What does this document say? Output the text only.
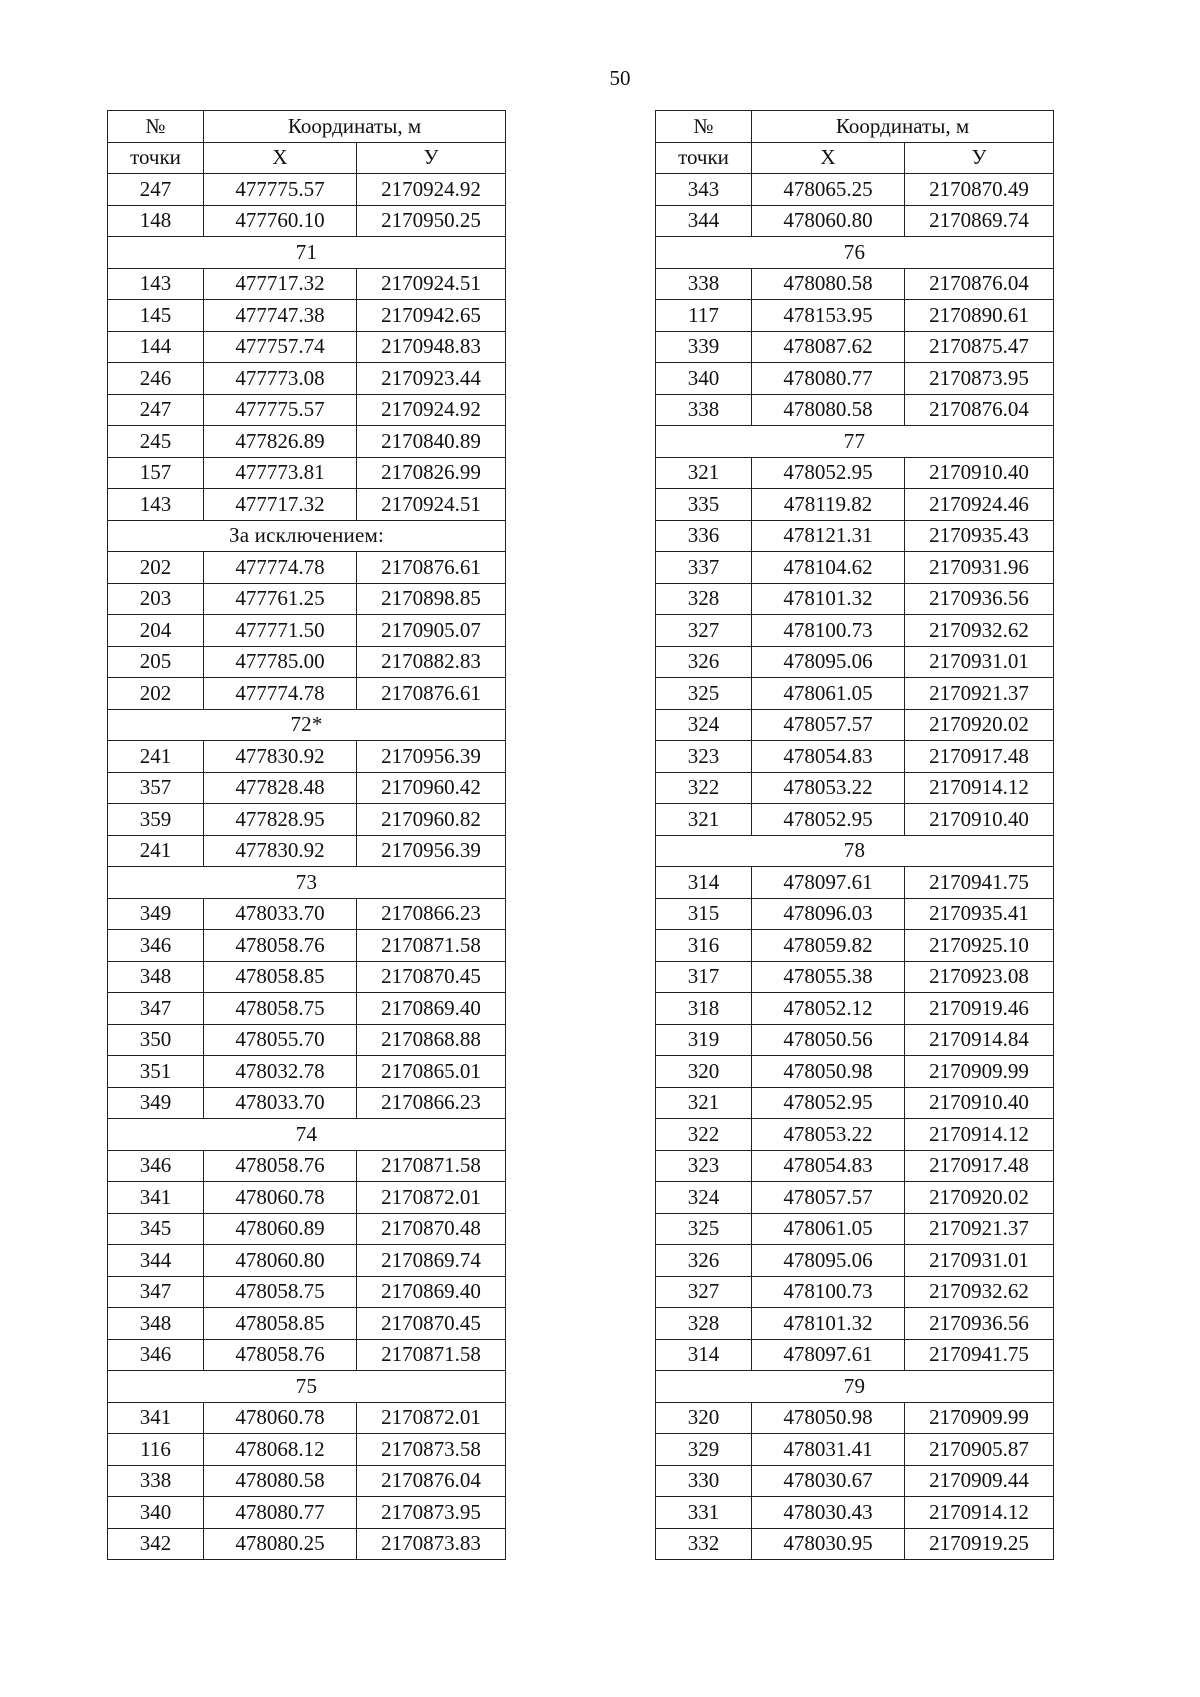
50
№	Координаты, м	
точки	X	У
247	477775.57	2170924.92
148	477760.10	2170950.25
71		
143	477717.32	2170924.51
145	477747.38	2170942.65
144	477757.74	2170948.83
246	477773.08	2170923.44
247	477775.57	2170924.92
245	477826.89	2170840.89
157	477773.81	2170826.99
143	477717.32	2170924.51
За исключением:		
202	477774.78	2170876.61
203	477761.25	2170898.85
204	477771.50	2170905.07
205	477785.00	2170882.83
202	477774.78	2170876.61
72*		
241	477830.92	2170956.39
357	477828.48	2170960.42
359	477828.95	2170960.82
241	477830.92	2170956.39
73		
349	478033.70	2170866.23
346	478058.76	2170871.58
348	478058.85	2170870.45
347	478058.75	2170869.40
350	478055.70	2170868.88
351	478032.78	2170865.01
349	478033.70	2170866.23
74		
346	478058.76	2170871.58
341	478060.78	2170872.01
345	478060.89	2170870.48
344	478060.80	2170869.74
347	478058.75	2170869.40
348	478058.85	2170870.45
346	478058.76	2170871.58
75		
341	478060.78	2170872.01
116	478068.12	2170873.58
338	478080.58	2170876.04
340	478080.77	2170873.95
342	478080.25	2170873.83
№	Координаты, м	
точки	X	У
343	478065.25	2170870.49
344	478060.80	2170869.74
76		
338	478080.58	2170876.04
117	478153.95	2170890.61
339	478087.62	2170875.47
340	478080.77	2170873.95
338	478080.58	2170876.04
77		
321	478052.95	2170910.40
335	478119.82	2170924.46
336	478121.31	2170935.43
337	478104.62	2170931.96
328	478101.32	2170936.56
327	478100.73	2170932.62
326	478095.06	2170931.01
325	478061.05	2170921.37
324	478057.57	2170920.02
323	478054.83	2170917.48
322	478053.22	2170914.12
321	478052.95	2170910.40
78		
314	478097.61	2170941.75
315	478096.03	2170935.41
316	478059.82	2170925.10
317	478055.38	2170923.08
318	478052.12	2170919.46
319	478050.56	2170914.84
320	478050.98	2170909.99
321	478052.95	2170910.40
322	478053.22	2170914.12
323	478054.83	2170917.48
324	478057.57	2170920.02
325	478061.05	2170921.37
326	478095.06	2170931.01
327	478100.73	2170932.62
328	478101.32	2170936.56
314	478097.61	2170941.75
79		
320	478050.98	2170909.99
329	478031.41	2170905.87
330	478030.67	2170909.44
331	478030.43	2170914.12
332	478030.95	2170919.25
